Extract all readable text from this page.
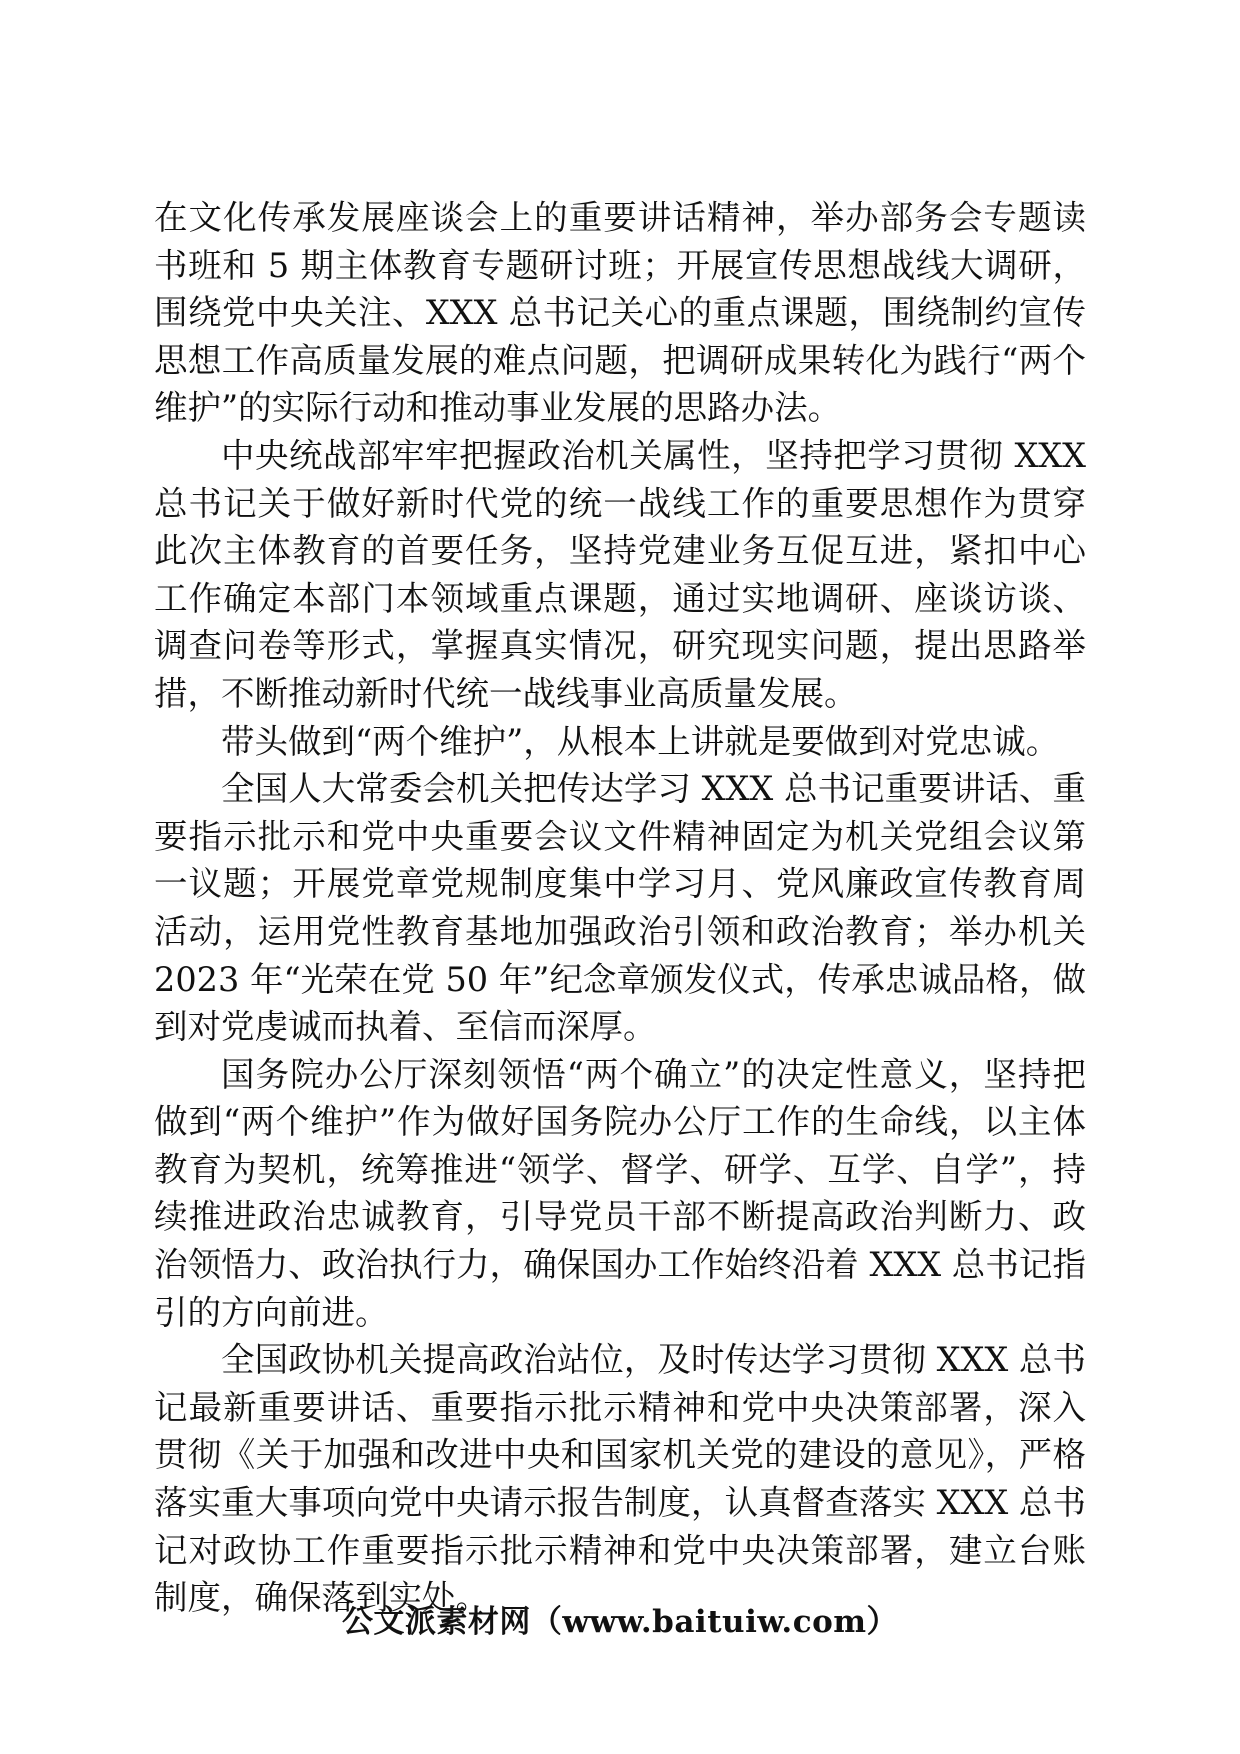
在文化传承发展座谈会上的重要讲话精神，举办部务会专题读书班和 5 期主体教育专题研讨班；开展宣传思想战线大调研，围绕党中央关注、XXX 总书记关心的重点课题，围绕制约宣传思想工作高质量发展的难点问题，把调研成果转化为践行“两个维护”的实际行动和推动事业发展的思路办法。

中央统战部牢牢把握政治机关属性，坚持把学习贯彻 XXX 总书记关于做好新时代党的统一战线工作的重要思想作为贯穿此次主体教育的首要任务，坚持党建业务互促互进，紧扣中心工作确定本部门本领域重点课题，通过实地调研、座谈访谈、调查问卷等形式，掌握真实情况，研究现实问题，提出思路举措，不断推动新时代统一战线事业高质量发展。

带头做到“两个维护”，从根本上讲就是要做到对党忠诚。

全国人大常委会机关把传达学习 XXX 总书记重要讲话、重要指示批示和党中央重要会议文件精神固定为机关党组会议第一议题；开展党章党规制度集中学习月、党风廉政宣传教育周活动，运用党性教育基地加强政治引领和政治教育；举办机关 2023 年“光荣在党 50 年”纪念章颁发仪式，传承忠诚品格，做到对党虔诚而执着、至信而深厚。

国务院办公厅深刻领悟“两个确立”的决定性意义，坚持把做到“两个维护”作为做好国务院办公厅工作的生命线，以主体教育为契机，统筹推进“领学、督学、研学、互学、自学”，持续推进政治忠诚教育，引导党员干部不断提高政治判断力、政治领悟力、政治执行力，确保国办工作始终沿着 XXX 总书记指引的方向前进。

全国政协机关提高政治站位，及时传达学习贯彻 XXX 总书记最新重要讲话、重要指示批示精神和党中央决策部署，深入贯彻《关于加强和改进中央和国家机关党的建设的意见》，严格落实重大事项向党中央请示报告制度，认真督查落实 XXX 总书记对政协工作重要指示批示精神和党中央决策部署，建立台账制度，确保落到实处。

公文派素材网（www.baituiw.com）
